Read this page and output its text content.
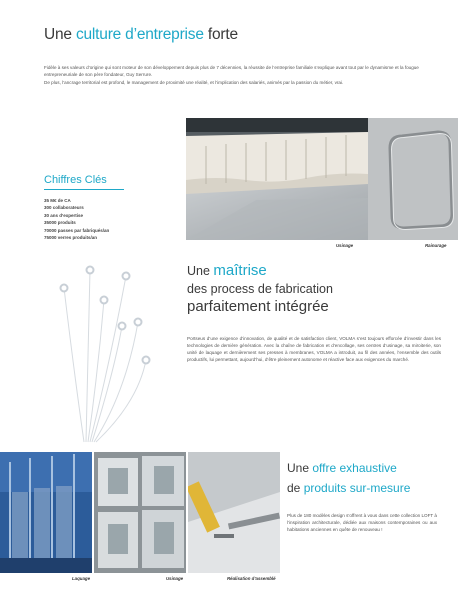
Une culture d’entreprise forte

Fidèle à ses valeurs d’origine qui sont moteur de son développement depuis plus de 7 décennies, la réussite de l’entreprise familiale s’explique avant tout par le dynamisme et la fougue entrepreneuriale de son père fondateur, Guy Serrure.

De plus, l’ancrage territorial est profond, le management de proximité une réalité, et l’implication des salariés, animés par la passion du métier, vrai.

Chiffres Clés
35 M€ de CA
300 collaborateurs
30 ans d’expertise
35000 produits
70000 passes par fabriqués/an
75000 verres produits/an
Usinage	Rainurage
Une maîtrise
des process de fabrication
parfaitement intégrée
Portseus d’une exigence d’innovation, de qualité et de satisfaction client, VOLMA s’est toujours efforcée d’investir dans les technologies de dernière génération. Avec la chaîne de fabrication et d’encollage, ses centres d’usinage, sa miroiterie, son unité de laquage et dernièrement ses presses à membranes, VOLMA a introduit, au fil des années, l’ensemble des outils productifs, lui permettant, aujourd’hui, d’être pleinement autonome et réactive face aux exigences du marché.
Laquage	Usinage	Réalisation d’assemblé
Une offre exhaustive
de produits sur-mesure
Plus de 180 modèles design s’offrent à vous dans cette collection LOFT à l’inspiration architecturale, dédiée aux maisons contemporaines ou aux habitations anciennes en quête de renouveau !
